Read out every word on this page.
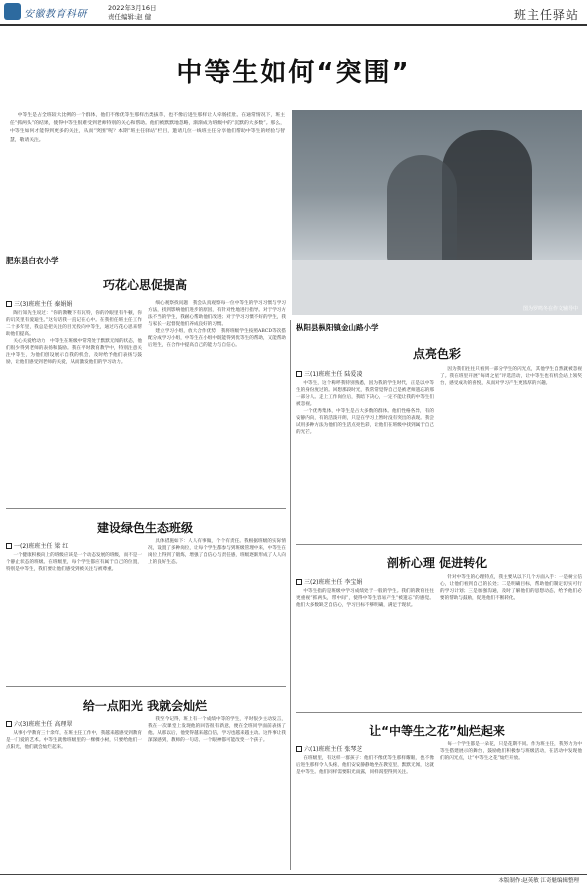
安徽教育科研
2022年3月16日
责任编辑:赵 健	班主任驿站
中等生如何“突围”
中等生是占全班较大比例的一个群体，他们不像优等生那样出类拔萃，也不像后进生那样让人牵肠挂肚。在通常情况下，班主任“抓两头”的结果，使得中等生很难受到老师特别的关心和帮助。他们被默默地忽略，渐渐成为班级中的“沉默的大多数”。那么，中等生如何才能得到更多的关注，从而“突围”呢？本期“班主任驿站”栏目，邀请几位一线班主任分享他们帮助中等生的经验与智慧，敬请关注。
图为罗鸣冬在作文辅导中
肥东县白衣小学
巧花心思促提高
三(3)班班主任 秦娟娟

陶行知先生说过：“你的教鞭下有瓦特，你的冷眼里有牛顿，你的讥笑里有爱迪生。”这句话我一直记在心中。在我担任班主任工作二十多年里，我总是把关注的目光投向中等生，通过巧花心思来帮助他们提高。

关心关爱给动力　中等生在班级中常常处于默默无闻的状态，他们很少得到老师的表扬和鼓励。我在平时教育教学中，特别注意关注中等生，为他们创设展示自我的机会，及时给予他们表扬与鼓励，让他们感受到老师的关爱，从而激发他们的学习动力。

细心观察找问题　我会认真观察每一位中等生的学习习惯与学习方法，找到影响他们进步的原因，有针对性地进行指导。对于学习方法不当的学生，我耐心帮助他们改进；对于学习习惯不好的学生，我与家长一起督促他们养成良好的习惯。

建立学习小组，放大合作优势　我将班级学生按照ABCD等次搭配分成学习小组，中等生在小组中既能得到优等生的帮助，又能帮助后进生，在合作中提高自己的能力与自信心。

建设绿色生态班级
一(2)班班主任 梁 红

一个健康积极向上的班级应该是一个动态发展的班级，而不是一个静止状态的班级。在班级里，每个学生都应有属于自己的位置，特别是中等生，我们要让他们感受到被关注与被尊重。

具体措施如下：人人有事做，个个有责任。我根据班级的实际情况，设置了多种岗位，让每个学生都参与到班级管理中来，中等生在岗位上得到了锻炼，增强了自信心与责任感，班级逐渐形成了人人向上的良好生态。

给一点阳光 我就会灿烂
六(3)班班主任 高理翠

从事小学教育三十余年，在班主任工作中，我越来越感受到教育是一门爱的艺术。中等生就像班级里的一棵棵小树，只要给他们一点阳光，他们就会灿烂起来。

我至今记得，班上有一个成绩中等的学生，平时很少主动发言，我在一次课堂上发现他的回答很有新意，便在全班同学面前表扬了他。从那以后，他变得越来越自信，学习也越来越主动。这件事让我深深感到，教师的一句话、一个眼神都可能改变一个孩子。

枞阳县枞阳镇金山路小学
点亮色彩
三(1)班班主任 陆爱凌

中等生，这个称呼我特别熟悉，因为我的学生时代，正是以中等生的身份度过的。回想那段时光，我常常觉得自己是被老师遗忘的那一部分人。走上工作岗位后，我暗下决心，一定不能让我的中等生们被忽视。

一个优秀集体，中等生是占大多数的群体。他们性格各异，有的安静内向，有的活泼开朗，只是在学习上暂时没有突出的表现。我尝试用多种方法为他们的生活点亮色彩，让他们在班级中找到属于自己的光芒。

因为我们往往只看到一部分学生的闪光点，其他学生自然就被忽视了。我在班里开展“每周之星”评选活动，让中等生也有机会站上领奖台，感受成功的喜悦，从而对学习产生更浓厚的兴趣。

剖析心理 促进转化
三(2)班班主任 李宝娟

中等生指的是班级中学习成绩处于一般的学生。我们的教育往往更重视“抓两头，带中间”，使得中等生容易产生“被遗忘”的感觉。他们大多数缺乏自信心，学习目标不够明确，满足于现状。

针对中等生的心理特点，我主要从以下几个方面入手：一是树立信心，让他们看到自己的长处；二是明确目标，帮助他们制定切实可行的学习计划；三是加强沟通，及时了解他们的思想动态，给予他们必要的帮助与鼓励，促进他们不断转化。

让“中等生之花”灿烂起来
六(1)班班主任 张琴芝

在班级里，有这样一群孩子：他们不像优等生那样耀眼，也不像后进生那样令人头疼，他们安安静静地坐在教室里，默默无闻，这就是中等生。他们同样需要阳光雨露，同样渴望得到关注。

每一个学生都是一朵花，只是花期不同。作为班主任，我努力为中等生搭建展示的舞台，鼓励他们积极参与班级活动，在活动中发现他们的闪光点，让“中等生之花”灿烂开放。

本版制作:赵英敏 江奇魁编辑整理
